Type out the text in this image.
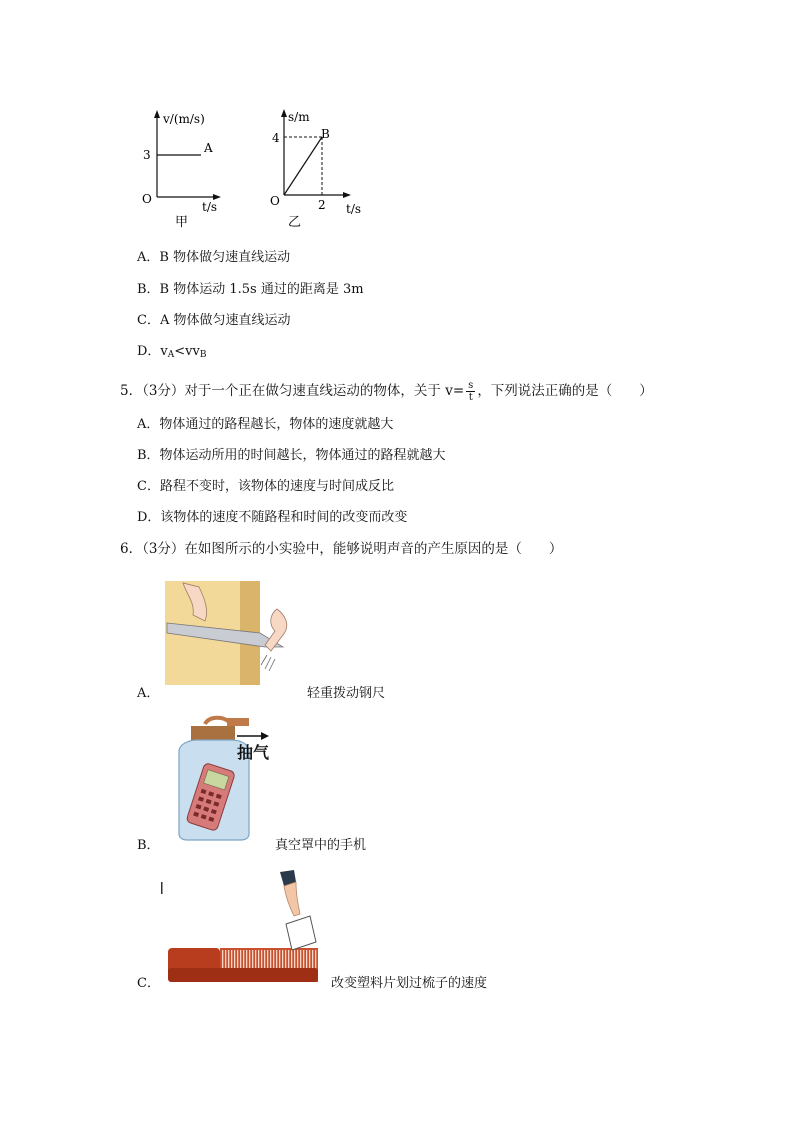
v/(m/s)
3	A
O
t/s
甲
s/m
4	B
O	2 t/s
乙
A．B 物体做匀速直线运动
B．B 物体运动 1.5s 通过的距离是 3m
C．A 物体做匀速直线运动
D．$v_A<vv_B$
5．（3分）对于一个正在做匀速直线运动的物体，关于 $v= \frac{s}{t}$ ，下列说法正确的是（　　）
A．物体通过的路程越长，物体的速度就越大
B．物体运动所用的时间越长，物体通过的路程就越大
C．路程不变时，该物体的速度与时间成反比
D．该物体的速度不随路程和时间的改变而改变
6．（3分）在如图所示的小实验中，能够说明声音的产生原因的是（　　）
A．	轻重拨动钢尺
B．
抽气
真空罩中的手机
C．	改变塑料片划过梳子的速度
